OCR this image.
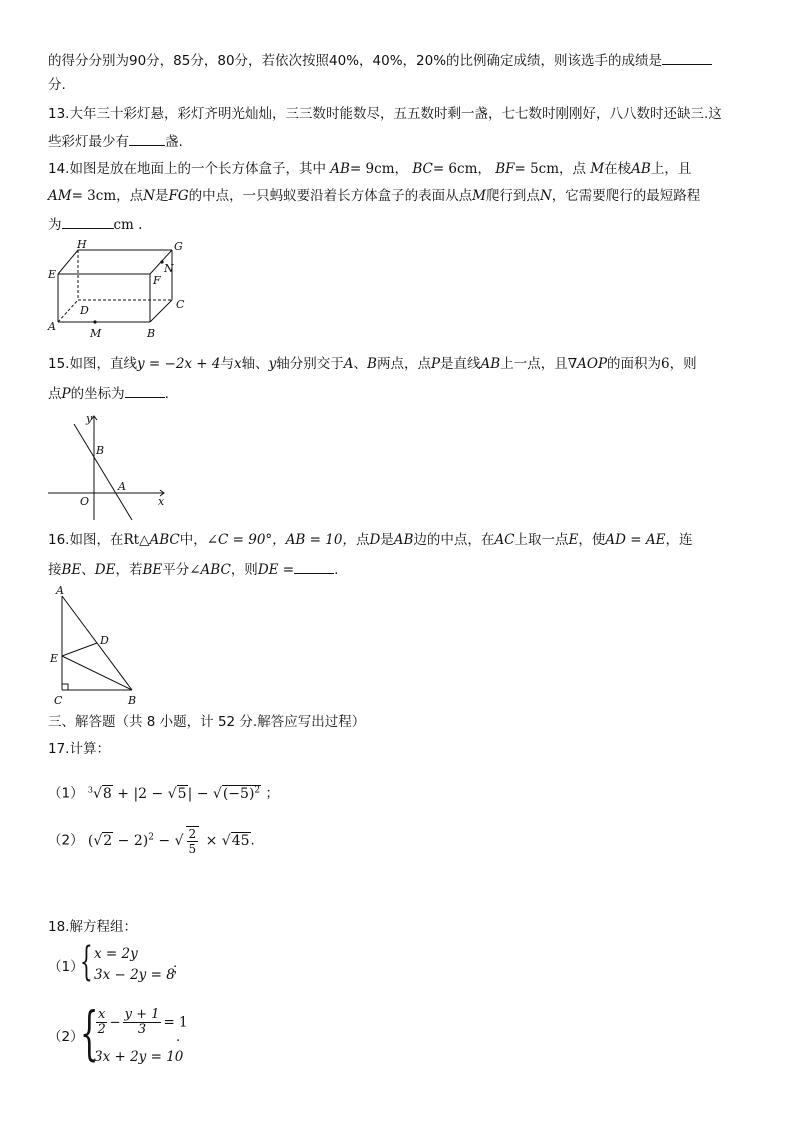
的得分分别为90分，85分，80分，若依次按照40%，40%，20%的比例确定成绩，则该选手的成绩是
分.
13.大年三十彩灯悬，彩灯齐明光灿灿，三三数时能数尽，五五数时剩一盏，七七数时刚刚好，八八数时还缺三.这
些彩灯最少有	盏.
14.如图是放在地面上的一个长方体盒子，其中 AB= 9cm， BC= 6cm， BF= 5cm，点 M在棱AB上，且
AM= 3cm，点N是FG的中点，一只蚂蚁要沿着长方体盒子的表面从点M爬行到点N，它需要爬行的最短路程
为	cm .
H	G
E	N
F
D	C
A
M	B
15.如图，直线y = −2x + 4与x轴、y轴分别交于A、B两点，点P是直线AB上一点，且∇AOP的面积为6，则
点P的坐标为	.
y
B
A
O	x
16.如图，在Rt△ABC中，∠C = 90°，AB = 10，点D是AB边的中点，在AC上取一点E，使AD = AE，连
接BE、DE，若BE平分∠ABC，则DE =	.
A
D
E
C	B
三、解答题（共 8 小题，计 52 分.解答应写出过程）
17.计算：
（1） $^3√8 + |2 - √5| - √(-5)^2$ ；
（2） $(√2 - 2)^2$ − √ $\frac{2}{5} \times √45$.
18.解方程组：
（1）
{ x = 2y
3x − 2y = 8
；
（2）
{
$\frac{x}{2} - \frac{y + 1}{3} = 1$
3x + 2y = 10
.
